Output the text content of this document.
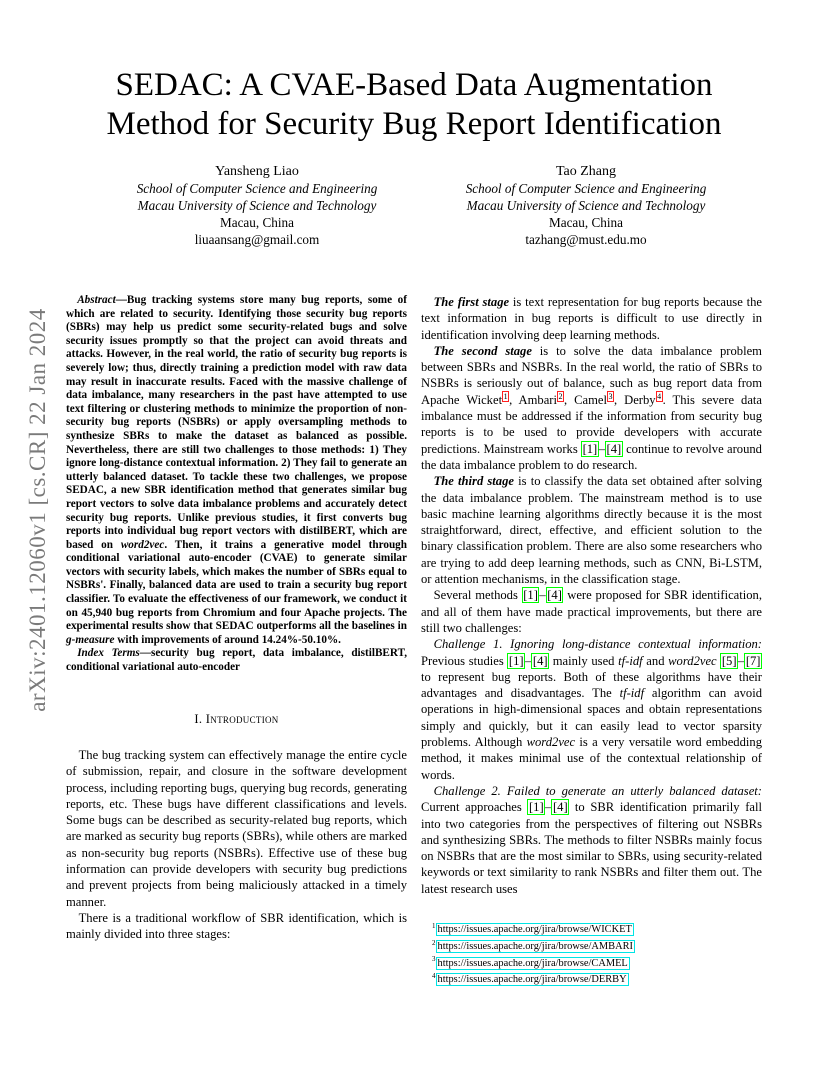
arXiv:2401.12060v1 [cs.CR] 22 Jan 2024
SEDAC: A CVAE-Based Data Augmentation
Method for Security Bug Report Identification
Yansheng Liao
School of Computer Science and Engineering
Macau University of Science and Technology
Macau, China
liuaansang@gmail.com
Tao Zhang
School of Computer Science and Engineering
Macau University of Science and Technology
Macau, China
tazhang@must.edu.mo

Abstract—Bug tracking systems store many bug reports, some of which are related to security. Identifying those security bug reports (SBRs) may help us predict some security-related bugs and solve security issues promptly so that the project can avoid threats and attacks. However, in the real world, the ratio of security bug reports is severely low; thus, directly training a prediction model with raw data may result in inaccurate results. Faced with the massive challenge of data imbalance, many researchers in the past have attempted to use text filtering or clustering methods to minimize the proportion of non-security bug reports (NSBRs) or apply oversampling methods to synthesize SBRs to make the dataset as balanced as possible. Nevertheless, there are still two challenges to those methods: 1) They ignore long-distance contextual information. 2) They fail to generate an utterly balanced dataset. To tackle these two challenges, we propose SEDAC, a new SBR identification method that generates similar bug report vectors to solve data imbalance problems and accurately detect security bug reports. Unlike previous studies, it first converts bug reports into individual bug report vectors with distilBERT, which are based on word2vec. Then, it trains a generative model through conditional variational auto-encoder (CVAE) to generate similar vectors with security labels, which makes the number of SBRs equal to NSBRs'. Finally, balanced data are used to train a security bug report classifier. To evaluate the effectiveness of our framework, we conduct it on 45,940 bug reports from Chromium and four Apache projects. The experimental results show that SEDAC outperforms all the baselines in g-measure with improvements of around 14.24%-50.10%.

Index Terms—security bug report, data imbalance, distilBERT, conditional variational auto-encoder

I. Introduction

The bug tracking system can effectively manage the entire cycle of submission, repair, and closure in the software development process, including reporting bugs, querying bug records, generating reports, etc. These bugs have different classifications and levels. Some bugs can be described as security-related bug reports, which are marked as security bug reports (SBRs), while others are marked as non-security bug reports (NSBRs). Effective use of these bug information can provide developers with security bug predictions and prevent projects from being maliciously attacked in a timely manner.

There is a traditional workflow of SBR identification, which is mainly divided into three stages:

The first stage is text representation for bug reports because the text information in bug reports is difficult to use directly in identification involving deep learning methods.

The second stage is to solve the data imbalance problem between SBRs and NSBRs. In the real world, the ratio of SBRs to NSBRs is seriously out of balance, such as bug report data from Apache Wicket $^1$ , Ambari $^2$ , Camel $^3$ , Derby $^4$ . This severe data imbalance must be addressed if the information from security bug reports is to be used to provide developers with accurate predictions. Mainstream works [1] – [4] continue to revolve around the data imbalance problem to do research.

The third stage is to classify the data set obtained after solving the data imbalance problem. The mainstream method is to use basic machine learning algorithms directly because it is the most straightforward, direct, effective, and efficient solution to the binary classification problem. There are also some researchers who are trying to add deep learning methods, such as CNN, Bi-LSTM, or attention mechanisms, in the classification stage.

Several methods [1] – [4] were proposed for SBR identification, and all of them have made practical improvements, but there are still two challenges:

Challenge 1. Ignoring long-distance contextual information: Previous studies [1] – [4] mainly used tf-idf and word2vec [5] – [7] to represent bug reports. Both of these algorithms have their advantages and disadvantages. The tf-idf algorithm can avoid operations in high-dimensional spaces and obtain representations simply and quickly, but it can easily lead to vector sparsity problems. Although word2vec is a very versatile word embedding method, it makes minimal use of the contextual relationship of words.

Challenge 2. Failed to generate an utterly balanced dataset: Current approaches [1] – [4] to SBR identification primarily fall into two categories from the perspectives of filtering out NSBRs and synthesizing SBRs. The methods to filter NSBRs mainly focus on NSBRs that are the most similar to SBRs, using security-related keywords or text similarity to rank NSBRs and filter them out. The latest research uses

$^1$ https://issues.apache.org/jira/browse/WICKET
$^2$ https://issues.apache.org/jira/browse/AMBARI
$^3$ https://issues.apache.org/jira/browse/CAMEL
$^4$ https://issues.apache.org/jira/browse/DERBY
